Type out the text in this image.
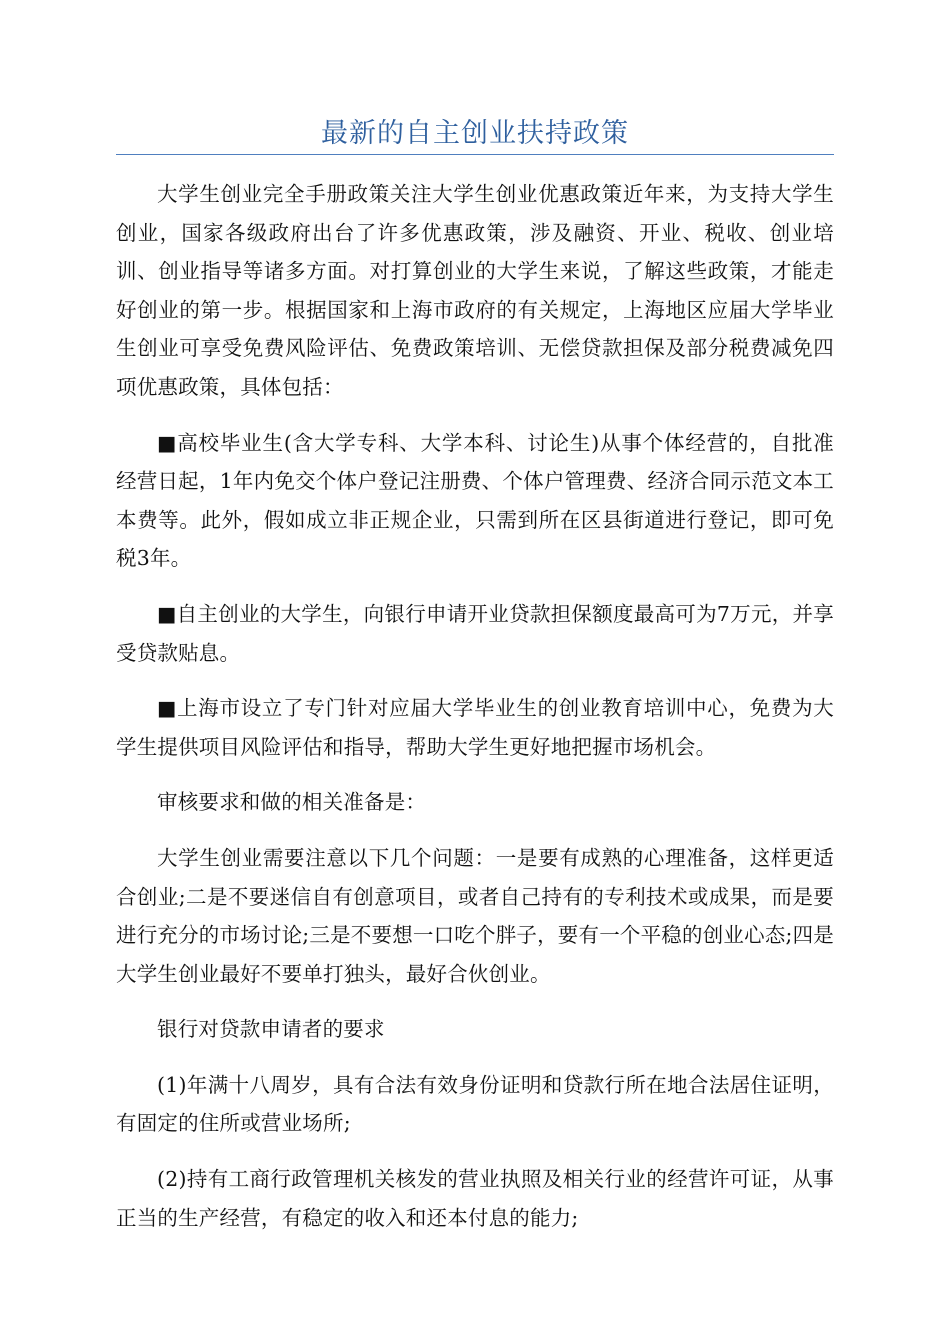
最新的自主创业扶持政策

大学生创业完全手册政策关注大学生创业优惠政策近年来，为支持大学生创业，国家各级政府出台了许多优惠政策，涉及融资、开业、税收、创业培训、创业指导等诸多方面。对打算创业的大学生来说，了解这些政策，才能走好创业的第一步。根据国家和上海市政府的有关规定，上海地区应届大学毕业生创业可享受免费风险评估、免费政策培训、无偿贷款担保及部分税费减免四项优惠政策，具体包括：

■高校毕业生(含大学专科、大学本科、讨论生)从事个体经营的，自批准经营日起，1年内免交个体户登记注册费、个体户管理费、经济合同示范文本工本费等。此外，假如成立非正规企业，只需到所在区县街道进行登记，即可免税3年。

■自主创业的大学生，向银行申请开业贷款担保额度最高可为7万元，并享受贷款贴息。

■上海市设立了专门针对应届大学毕业生的创业教育培训中心，免费为大学生提供项目风险评估和指导，帮助大学生更好地把握市场机会。

审核要求和做的相关准备是：

大学生创业需要注意以下几个问题：一是要有成熟的心理准备，这样更适合创业;二是不要迷信自有创意项目，或者自己持有的专利技术或成果，而是要进行充分的市场讨论;三是不要想一口吃个胖子，要有一个平稳的创业心态;四是大学生创业最好不要单打独头，最好合伙创业。

银行对贷款申请者的要求

(1)年满十八周岁，具有合法有效身份证明和贷款行所在地合法居住证明，有固定的住所或营业场所;

(2)持有工商行政管理机关核发的营业执照及相关行业的经营许可证，从事正当的生产经营，有稳定的收入和还本付息的能力;
